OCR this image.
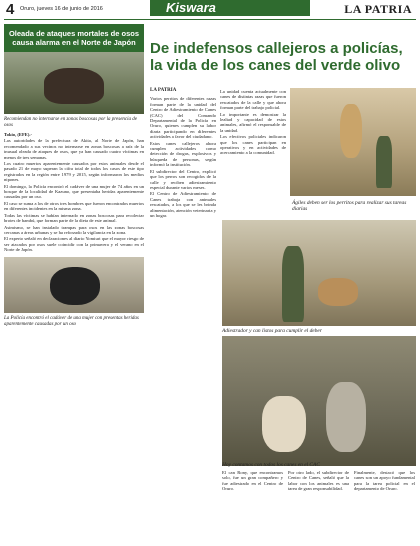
4 Oruro, jueves 16 de junio de 2016	Kiswara	LA PATRIA
Oleada de ataques mortales de osos causa alarma en el Norte de Japón
Recomiendan no internarse en zonas boscosas por la presencia de osos
Tokio, (EFE).-

Las autoridades de la prefectura de Akita, al Norte de Japón, han recomendado a sus vecinos no internarse en zonas boscosas a raíz de la inusual oleada de ataques de osos, que ya han causado cuatro víctimas en menos de tres semanas.

Los cuatro muertos aparentemente causados por estos animales desde el pasado 21 de mayo superan la cifra total de todos los casos de este tipo registrados en la región entre 1979 y 2015, según informaron los medios nipones.

El domingo, la Policía encontró el cadáver de una mujer de 74 años en un bosque de la localidad de Kazuno, que presentaba heridas aparentemente causadas por un oso.

El caso se suma a los de otros tres hombres que fueron encontrados muertos en diferentes incidentes en la misma zona.

Todas las víctimas se habían internado en zonas boscosas para recolectar brotes de bambú, que forman parte de la dieta de este animal.

Asimismo, se han instalado trampas para osos en las zonas boscosas cercanas a áreas urbanas y se ha reforzado la vigilancia en la zona.

El experto señaló en declaraciones al diario Yomiuri que el mayor riesgo de ser atacados por osos suele coincidir con la primavera y el verano en el Norte de Japón.

La Policía encontró el cadáver de una mujer con presentas heridas aparentemente causadas por un oso
De indefensos callejeros a policías, la vida de los canes del verde olivo
LA PATRIA

Varios perritos de diferentes razas forman parte de la unidad del Centro de Adiestramiento de Canes (CAC) del Comando Departamental de la Policía en Oruro, quienes cumplen su labor diaria participando en diferentes actividades a favor del ciudadano.

Estos canes callejeros ahora cumplen actividades como detección de drogas, explosivos y búsqueda de personas, según informó la institución.

El subdirector del Centro, explicó que los perros son recogidos de la calle y reciben adiestramiento especial durante varios meses.

El Centro de Adiestramiento de Canes trabaja con animales rescatados, a los que se les brinda alimentación, atención veterinaria y un hogar.

La unidad cuenta actualmente con canes de distintas razas que fueron rescatados de la calle y que ahora forman parte del trabajo policial.

Lo importante es demostrar la lealtad y capacidad de estos animales, afirmó el responsable de la unidad.

Los efectivos policiales indicaron que los canes participan en operativos y en actividades de acercamiento a la comunidad.

Ágiles deben ser los perritos para realizar sus tareas diarias
Adiestrador y can listos para cumplir el deber
Hoy contamos con todos los canes en el CAC
El can Rony, que encontramos solo, fue un gran compañero y fue adiestrado en el Centro de Oruro.
Por otro lado, el subdirector de Centro de Canes, señaló que la labor con los animales es una tarea de gran responsabilidad.
Finalmente, destacó que los canes son un apoyo fundamental para la tarea policial en el departamento de Oruro.
